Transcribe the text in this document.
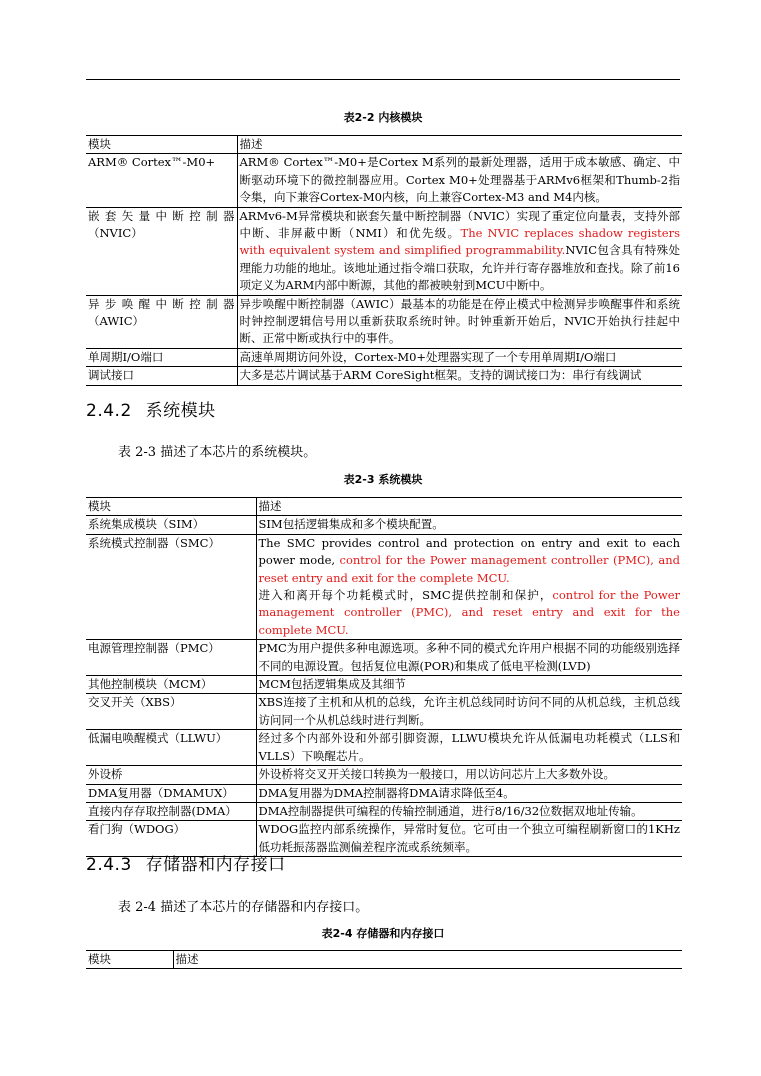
表2-2 内核模块
模块	描述
ARM® Cortex™-M0+	ARM® Cortex™-M0+是Cortex M系列的最新处理器，适用于成本敏感、确定、中断驱动环境下的微控制器应用。Cortex M0+处理器基于ARMv6框架和Thumb-2指令集，向下兼容Cortex-M0内核，向上兼容Cortex-M3 and M4内核。
嵌套矢量中断控制器（NVIC）	ARMv6-M异常模块和嵌套矢量中断控制器（NVIC）实现了重定位向量表，支持外部中断、非屏蔽中断（NMI）和优先级。The NVIC replaces shadow registers with equivalent system and simplified programmability.NVIC包含具有特殊处理能力功能的地址。该地址通过指令端口获取，允许并行寄存器堆放和查找。除了前16项定义为ARM内部中断源，其他的都被映射到MCU中断中。
异步唤醒中断控制器（AWIC）	异步唤醒中断控制器（AWIC）最基本的功能是在停止模式中检测异步唤醒事件和系统时钟控制逻辑信号用以重新获取系统时钟。时钟重新开始后，NVIC开始执行挂起中断、正常中断或执行中的事件。
单周期I/O端口	高速单周期访问外设，Cortex-M0+处理器实现了一个专用单周期I/O端口
调试接口	大多是芯片调试基于ARM CoreSight框架。支持的调试接口为：串行有线调试
2.4.2 系统模块
表 2-3 描述了本芯片的系统模块。
表2-3 系统模块
模块	描述
系统集成模块（SIM）	SIM包括逻辑集成和多个模块配置。
系统模式控制器（SMC）	The SMC provides control and protection on entry and exit to each power mode, control for the Power management controller (PMC), and reset entry and exit for the complete MCU.
进入和离开每个功耗模式时，SMC提供控制和保护，control for the Power management controller (PMC), and reset entry and exit for the complete MCU.
电源管理控制器（PMC）	PMC为用户提供多种电源选项。多种不同的模式允许用户根据不同的功能级别选择不同的电源设置。包括复位电源(POR)和集成了低电平检测(LVD)
其他控制模块（MCM）	MCM包括逻辑集成及其细节
交叉开关（XBS）	XBS连接了主机和从机的总线，允许主机总线同时访问不同的从机总线，主机总线访问同一个从机总线时进行判断。
低漏电唤醒模式（LLWU）	经过多个内部外设和外部引脚资源，LLWU模块允许从低漏电功耗模式（LLS和VLLS）下唤醒芯片。
外设桥	外设桥将交叉开关接口转换为一般接口，用以访问芯片上大多数外设。
DMA复用器（DMAMUX）	DMA复用器为DMA控制器将DMA请求降低至4。
直接内存存取控制器(DMA）	DMA控制器提供可编程的传输控制通道，进行8/16/32位数据双地址传输。
看门狗（WDOG）	WDOG监控内部系统操作，异常时复位。它可由一个独立可编程刷新窗口的1KHz低功耗振荡器监测偏差程序流或系统频率。
2.4.3 存储器和内存接口
表 2-4 描述了本芯片的存储器和内存接口。
表2-4 存储器和内存接口
模块	描述
